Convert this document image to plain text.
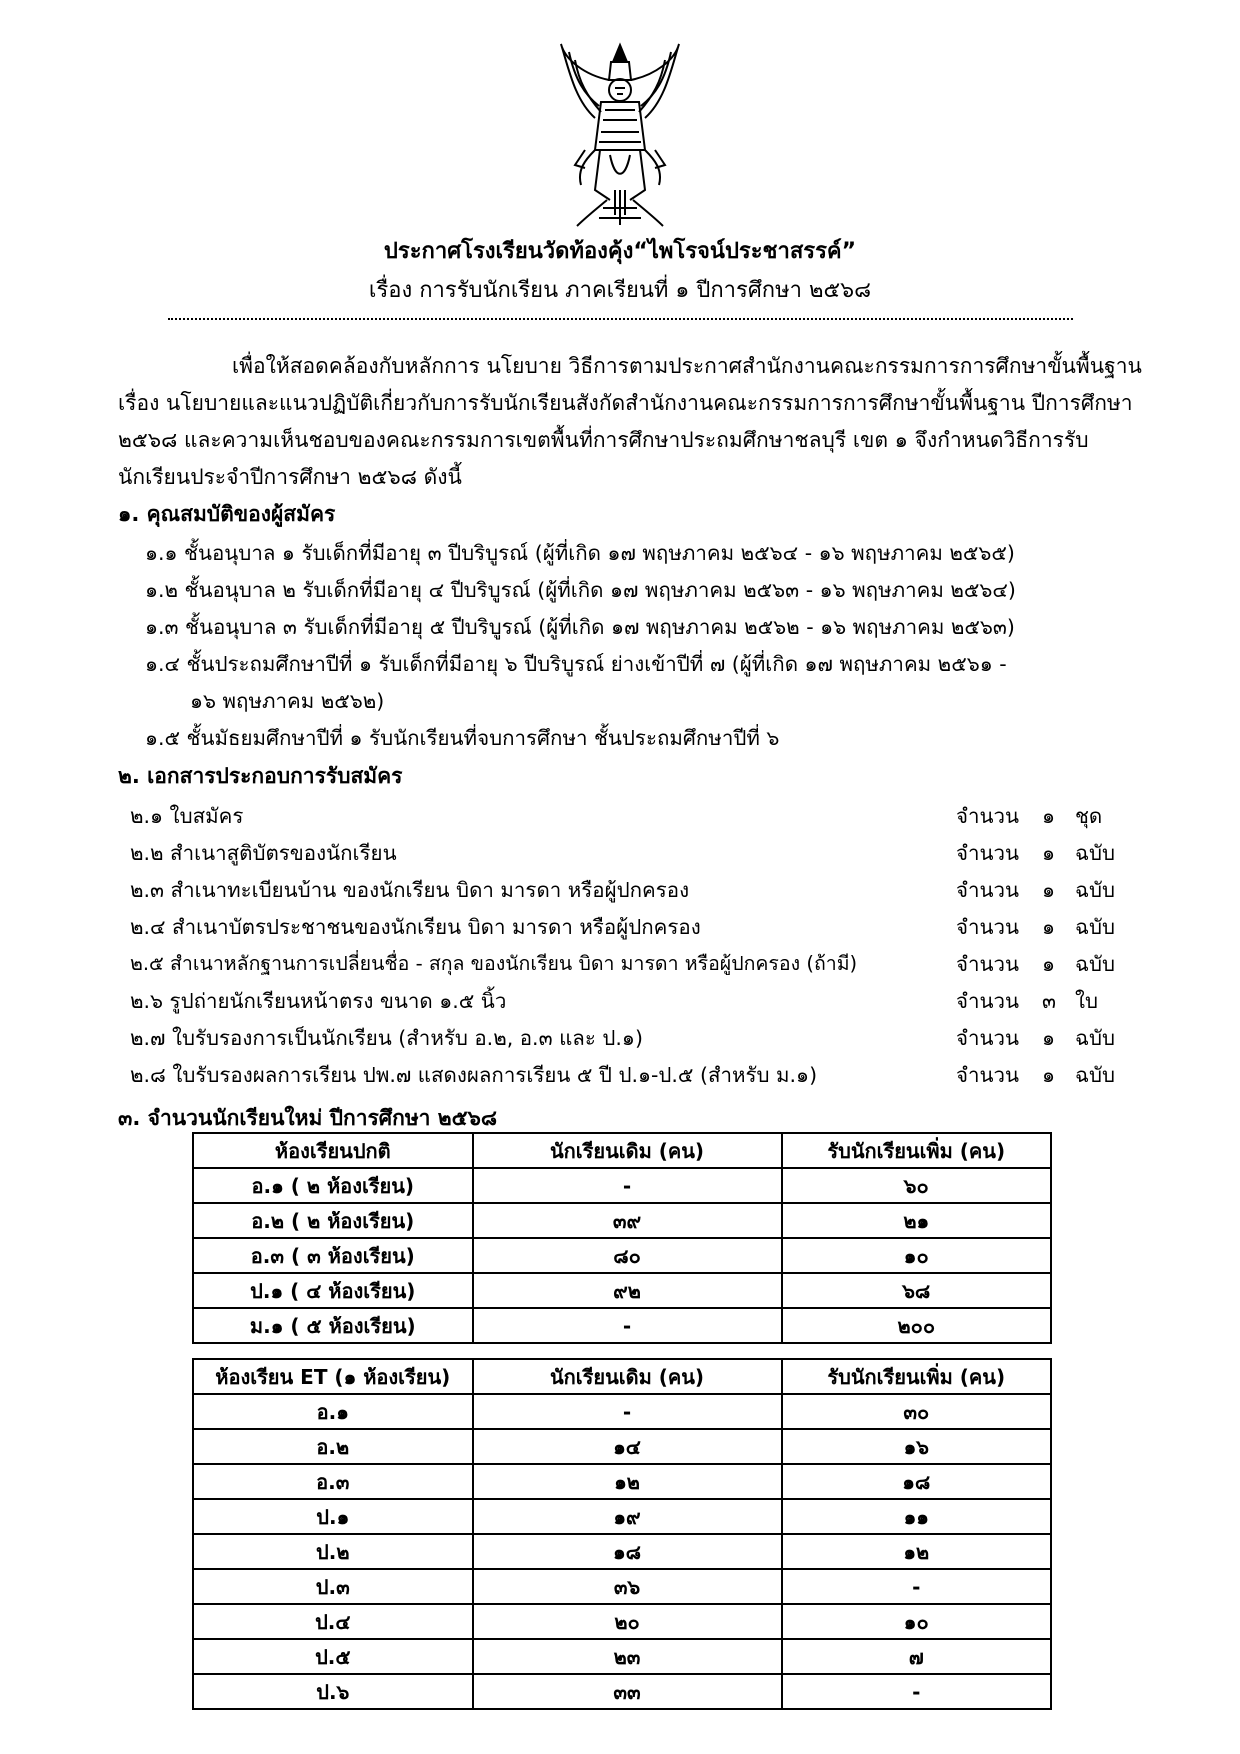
ประกาศโรงเรียนวัดท้องคุ้ง“ไพโรจน์ประชาสรรค์”
เรื่อง การรับนักเรียน ภาคเรียนที่ ๑ ปีการศึกษา ๒๕๖๘
เพื่อให้สอดคล้องกับหลักการ นโยบาย วิธีการตามประกาศสำนักงานคณะกรรมการการศึกษาขั้นพื้นฐาน
เรื่อง นโยบายและแนวปฏิบัติเกี่ยวกับการรับนักเรียนสังกัดสำนักงานคณะกรรมการการศึกษาขั้นพื้นฐาน ปีการศึกษา
๒๕๖๘ และความเห็นชอบของคณะกรรมการเขตพื้นที่การศึกษาประถมศึกษาชลบุรี เขต ๑ จึงกำหนดวิธีการรับ
นักเรียนประจำปีการศึกษา ๒๕๖๘ ดังนี้
๑. คุณสมบัติของผู้สมัคร
๑.๑ ชั้นอนุบาล ๑ รับเด็กที่มีอายุ ๓ ปีบริบูรณ์ (ผู้ที่เกิด ๑๗ พฤษภาคม ๒๕๖๔ - ๑๖ พฤษภาคม ๒๕๖๕)
๑.๒ ชั้นอนุบาล ๒ รับเด็กที่มีอายุ ๔ ปีบริบูรณ์ (ผู้ที่เกิด ๑๗ พฤษภาคม ๒๕๖๓ - ๑๖ พฤษภาคม ๒๕๖๔)
๑.๓ ชั้นอนุบาล ๓ รับเด็กที่มีอายุ ๕ ปีบริบูรณ์ (ผู้ที่เกิด ๑๗ พฤษภาคม ๒๕๖๒ - ๑๖ พฤษภาคม ๒๕๖๓)
๑.๔ ชั้นประถมศึกษาปีที่ ๑ รับเด็กที่มีอายุ ๖ ปีบริบูรณ์ ย่างเข้าปีที่ ๗ (ผู้ที่เกิด ๑๗ พฤษภาคม ๒๕๖๑ -
๑๖ พฤษภาคม ๒๕๖๒)
๑.๕ ชั้นมัธยมศึกษาปีที่ ๑ รับนักเรียนที่จบการศึกษา ชั้นประถมศึกษาปีที่ ๖
๒. เอกสารประกอบการรับสมัคร
๒.๑ ใบสมัคร	จำนวน ๑ ชุด
๒.๒ สำเนาสูติบัตรของนักเรียน	จำนวน ๑ ฉบับ
๒.๓ สำเนาทะเบียนบ้าน ของนักเรียน บิดา มารดา หรือผู้ปกครอง	จำนวน ๑ ฉบับ
๒.๔ สำเนาบัตรประชาชนของนักเรียน บิดา มารดา หรือผู้ปกครอง	จำนวน ๑ ฉบับ
๒.๕ สำเนาหลักฐานการเปลี่ยนชื่อ - สกุล ของนักเรียน บิดา มารดา หรือผู้ปกครอง (ถ้ามี)	จำนวน ๑ ฉบับ
๒.๖ รูปถ่ายนักเรียนหน้าตรง ขนาด ๑.๕ นิ้ว	จำนวน ๓ ใบ
๒.๗ ใบรับรองการเป็นนักเรียน (สำหรับ อ.๒, อ.๓ และ ป.๑)	จำนวน ๑ ฉบับ
๒.๘ ใบรับรองผลการเรียน ปพ.๗ แสดงผลการเรียน ๕ ปี ป.๑-ป.๕ (สำหรับ ม.๑)	จำนวน ๑ ฉบับ
๓. จำนวนนักเรียนใหม่ ปีการศึกษา ๒๕๖๘
ห้องเรียนปกติ	นักเรียนเดิม (คน)	รับนักเรียนเพิ่ม (คน)
อ.๑ ( ๒ ห้องเรียน)	-	๖๐
อ.๒ ( ๒ ห้องเรียน)	๓๙	๒๑
อ.๓ ( ๓ ห้องเรียน)	๘๐	๑๐
ป.๑ ( ๔ ห้องเรียน)	๙๒	๖๘
ม.๑ ( ๕ ห้องเรียน)	-	๒๐๐
ห้องเรียน ET (๑ ห้องเรียน)	นักเรียนเดิม (คน)	รับนักเรียนเพิ่ม (คน)
อ.๑	-	๓๐
อ.๒	๑๔	๑๖
อ.๓	๑๒	๑๘
ป.๑	๑๙	๑๑
ป.๒	๑๘	๑๒
ป.๓	๓๖	-
ป.๔	๒๐	๑๐
ป.๕	๒๓	๗
ป.๖	๓๓	-
